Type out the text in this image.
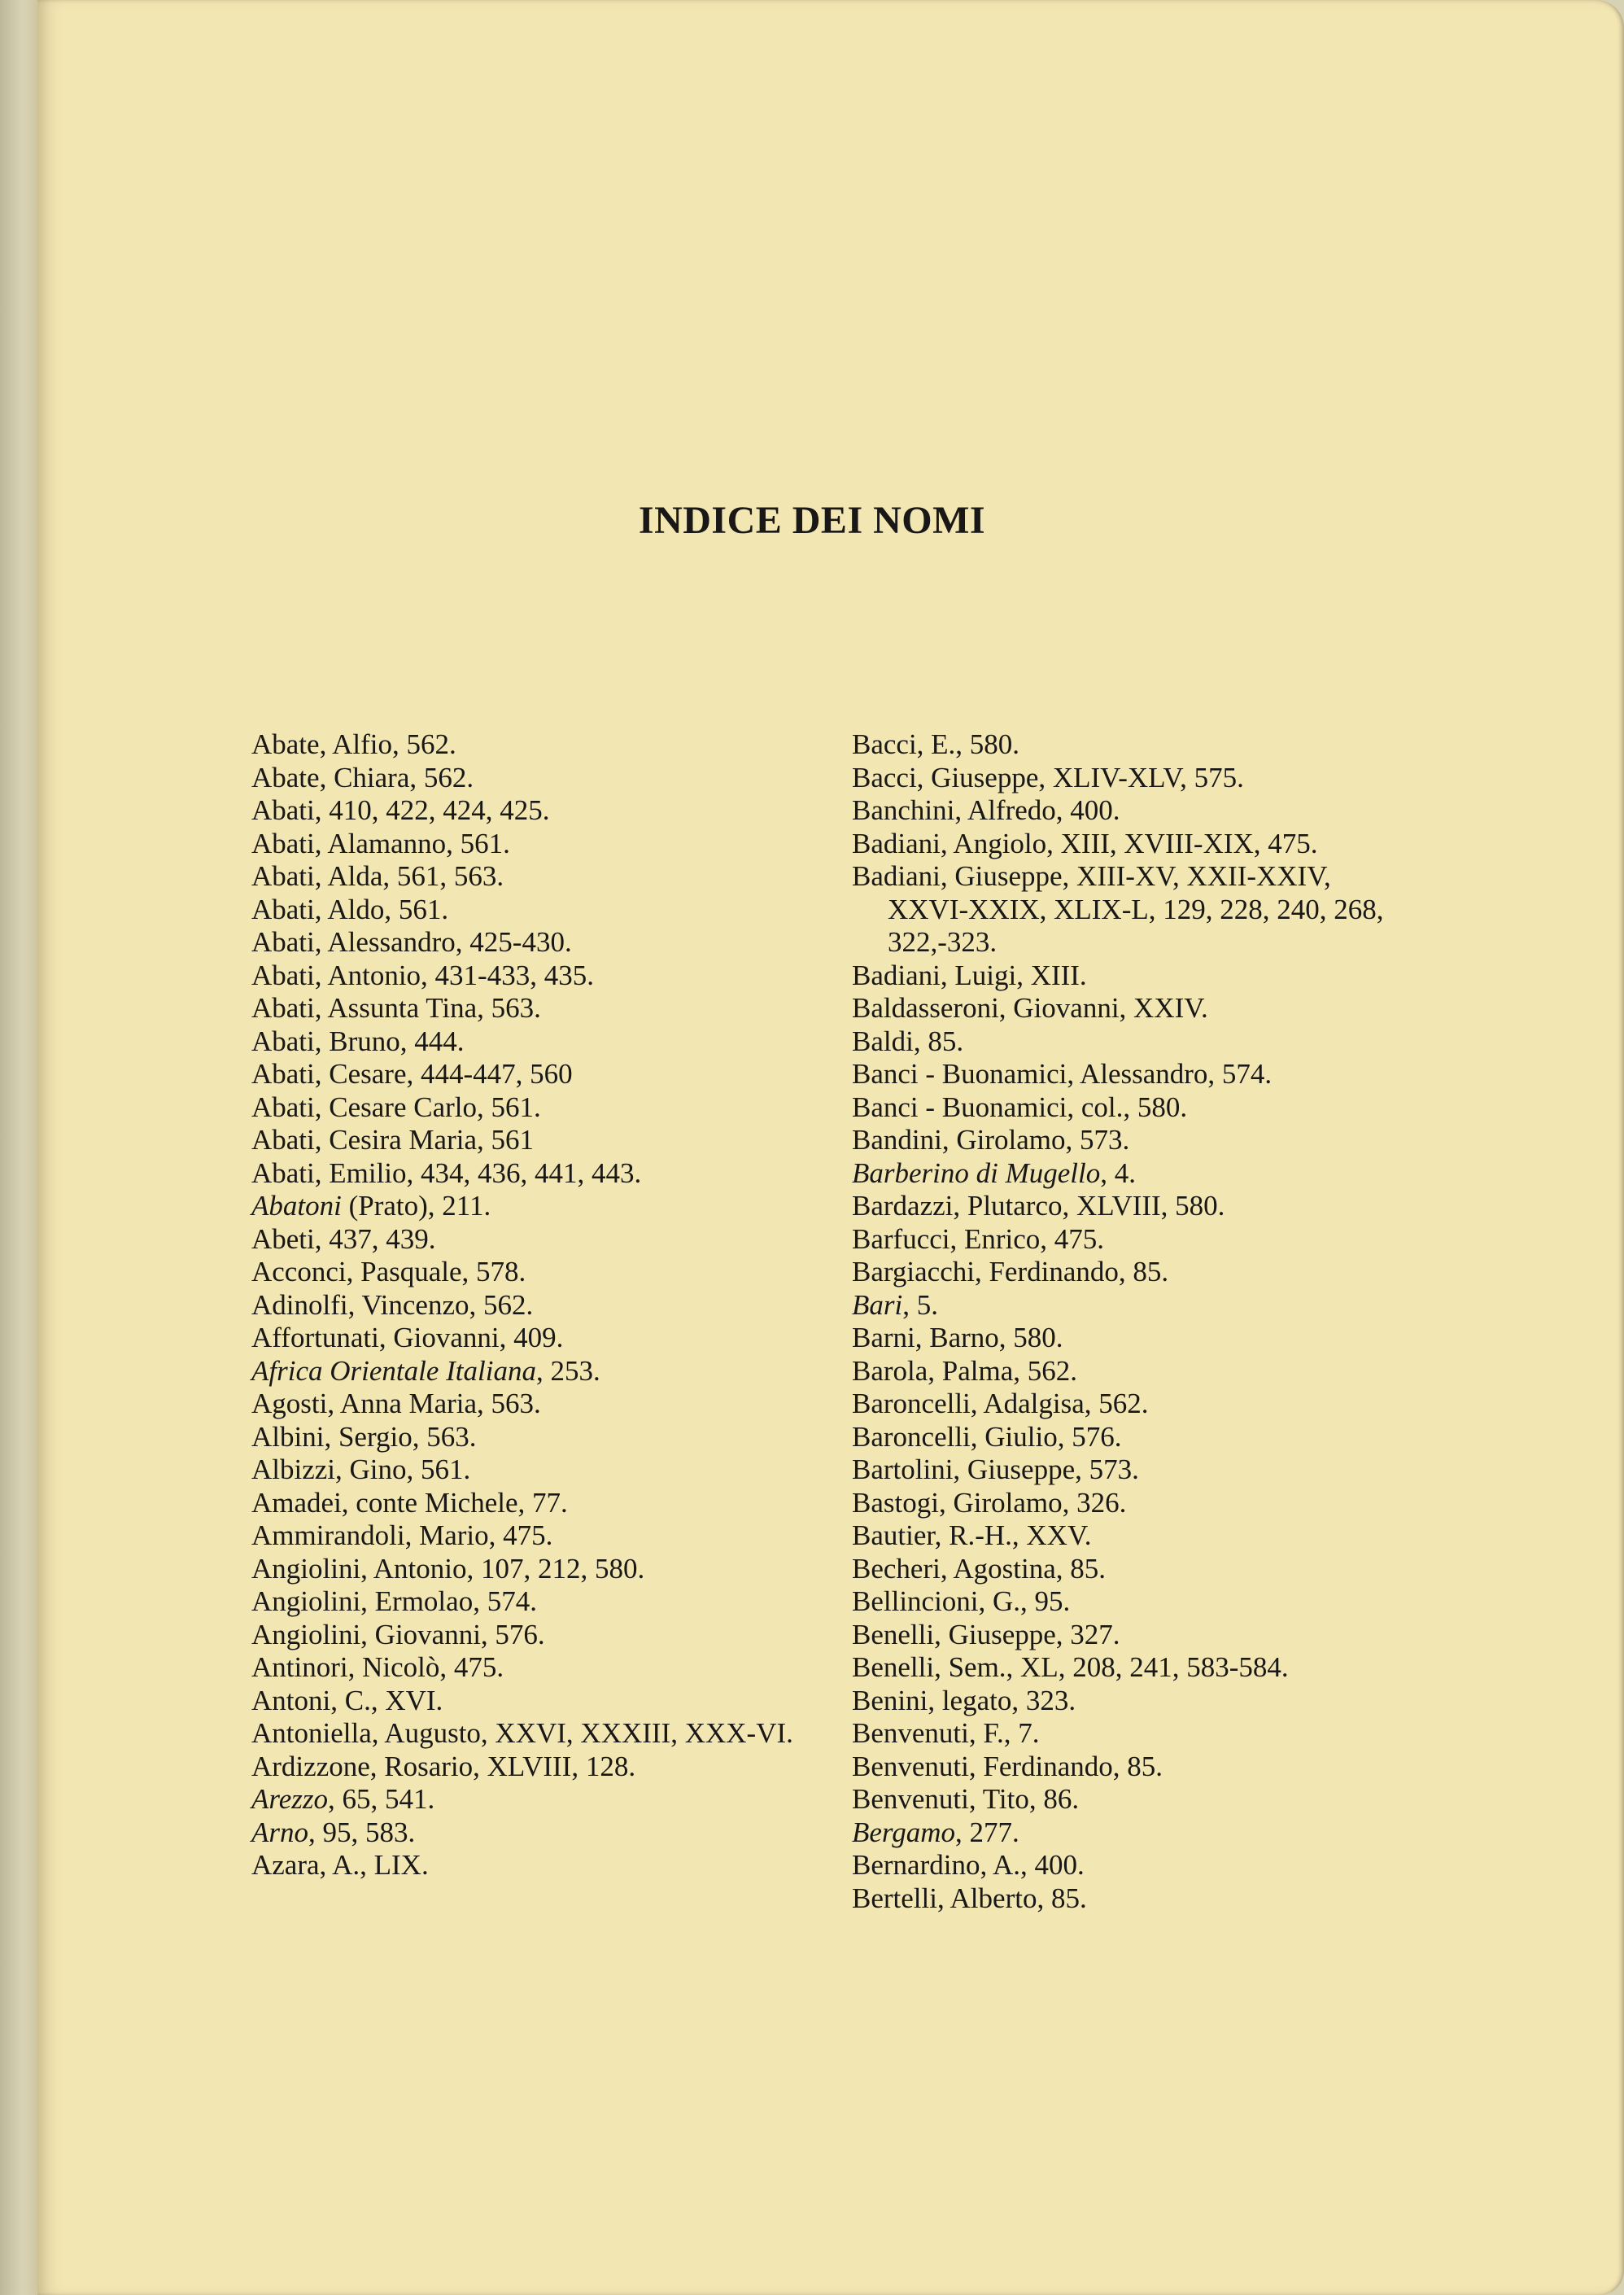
INDICE DEI NOMI
Abate, Alfio, 562.
Abate, Chiara, 562.
Abati, 410, 422, 424, 425.
Abati, Alamanno, 561.
Abati, Alda, 561, 563.
Abati, Aldo, 561.
Abati, Alessandro, 425-430.
Abati, Antonio, 431-433, 435.
Abati, Assunta Tina, 563.
Abati, Bruno, 444.
Abati, Cesare, 444-447, 560
Abati, Cesare Carlo, 561.
Abati, Cesira Maria, 561
Abati, Emilio, 434, 436, 441, 443.
Abatoni (Prato), 211.
Abeti, 437, 439.
Acconci, Pasquale, 578.
Adinolfi, Vincenzo, 562.
Affortunati, Giovanni, 409.
Africa Orientale Italiana, 253.
Agosti, Anna Maria, 563.
Albini, Sergio, 563.
Albizzi, Gino, 561.
Amadei, conte Michele, 77.
Ammirandoli, Mario, 475.
Angiolini, Antonio, 107, 212, 580.
Angiolini, Ermolao, 574.
Angiolini, Giovanni, 576.
Antinori, Nicolò, 475.
Antoni, C., XVI.
Antoniella, Augusto, XXVI, XXXIII, XXX-VI.
Ardizzone, Rosario, XLVIII, 128.
Arezzo, 65, 541.
Arno, 95, 583.
Azara, A., LIX.
Bacci, E., 580.
Bacci, Giuseppe, XLIV-XLV, 575.
Banchini, Alfredo, 400.
Badiani, Angiolo, XIII, XVIII-XIX, 475.
Badiani, Giuseppe, XIII-XV, XXII-XXIV, XXVI-XXIX, XLIX-L, 129, 228, 240, 268, 322,-323.
Badiani, Luigi, XIII.
Baldasseroni, Giovanni, XXIV.
Baldi, 85.
Banci - Buonamici, Alessandro, 574.
Banci - Buonamici, col., 580.
Bandini, Girolamo, 573.
Barberino di Mugello, 4.
Bardazzi, Plutarco, XLVIII, 580.
Barfucci, Enrico, 475.
Bargiacchi, Ferdinando, 85.
Bari, 5.
Barni, Barno, 580.
Barola, Palma, 562.
Baroncelli, Adalgisa, 562.
Baroncelli, Giulio, 576.
Bartolini, Giuseppe, 573.
Bastogi, Girolamo, 326.
Bautier, R.-H., XXV.
Becheri, Agostina, 85.
Bellincioni, G., 95.
Benelli, Giuseppe, 327.
Benelli, Sem., XL, 208, 241, 583-584.
Benini, legato, 323.
Benvenuti, F., 7.
Benvenuti, Ferdinando, 85.
Benvenuti, Tito, 86.
Bergamo, 277.
Bernardino, A., 400.
Bertelli, Alberto, 85.
